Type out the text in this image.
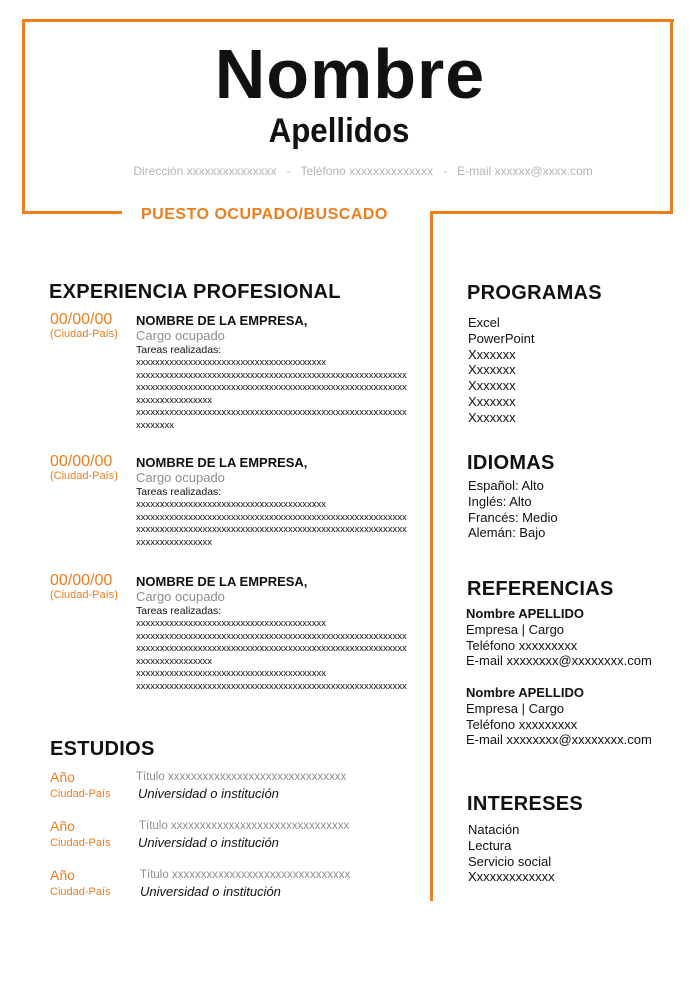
Nombre
Apellidos
Dirección xxxxxxxxxxxxxxx   -   Teléfono xxxxxxxxxxxxxx   -   E-mail xxxxxx@xxxx.com
PUESTO OCUPADO/BUSCADO
EXPERIENCIA PROFESIONAL
00/00/00
(Ciudad-País)
NOMBRE DE LA EMPRESA,
Cargo ocupado
Tareas realizadas:
xxxxxxxxxxxxxxxxxxxxxxxxxxxxxxxxxxxxxxxx
xxxxxxxxxxxxxxxxxxxxxxxxxxxxxxxxxxxxxxxxxxxxxxxxxxxxxxxxx
xxxxxxxxxxxxxxxxxxxxxxxxxxxxxxxxxxxxxxxxxxxxxxxxxxxxxxxxx
xxxxxxxxxxxxxxxx
xxxxxxxxxxxxxxxxxxxxxxxxxxxxxxxxxxxxxxxxxxxxxxxxxxxxxxxxx
xxxxxxxx
00/00/00
(Ciudad-País)
NOMBRE DE LA EMPRESA,
Cargo ocupado
Tareas realizadas:
xxxxxxxxxxxxxxxxxxxxxxxxxxxxxxxxxxxxxxxx
xxxxxxxxxxxxxxxxxxxxxxxxxxxxxxxxxxxxxxxxxxxxxxxxxxxxxxxxx
xxxxxxxxxxxxxxxxxxxxxxxxxxxxxxxxxxxxxxxxxxxxxxxxxxxxxxxxx
xxxxxxxxxxxxxxxx
00/00/00
(Ciudad-País)
NOMBRE DE LA EMPRESA,
Cargo ocupado
Tareas realizadas:
xxxxxxxxxxxxxxxxxxxxxxxxxxxxxxxxxxxxxxxx
xxxxxxxxxxxxxxxxxxxxxxxxxxxxxxxxxxxxxxxxxxxxxxxxxxxxxxxxx
xxxxxxxxxxxxxxxxxxxxxxxxxxxxxxxxxxxxxxxxxxxxxxxxxxxxxxxxx
xxxxxxxxxxxxxxxx
xxxxxxxxxxxxxxxxxxxxxxxxxxxxxxxxxxxxxxxx
xxxxxxxxxxxxxxxxxxxxxxxxxxxxxxxxxxxxxxxxxxxxxxxxxxxxxxxxx
ESTUDIOS
Año
Ciudad-País
Título xxxxxxxxxxxxxxxxxxxxxxxxxxxxxxx
Universidad o institución
Año
Ciudad-País
Título xxxxxxxxxxxxxxxxxxxxxxxxxxxxxxx
Universidad o institución
Año
Ciudad-País
Título xxxxxxxxxxxxxxxxxxxxxxxxxxxxxxx
Universidad o institución
PROGRAMAS
Excel
PowerPoint
Xxxxxxx
Xxxxxxx
Xxxxxxx
Xxxxxxx
Xxxxxxx
IDIOMAS
Español: Alto
Inglés: Alto
Francés: Medio
Alemán: Bajo
REFERENCIAS
Nombre APELLIDO
Empresa | Cargo
Teléfono xxxxxxxxx
E-mail xxxxxxxx@xxxxxxxx.com
Nombre APELLIDO
Empresa | Cargo
Teléfono xxxxxxxxx
E-mail xxxxxxxx@xxxxxxxx.com
INTERESES
Natación
Lectura
Servicio social
Xxxxxxxxxxxxx
